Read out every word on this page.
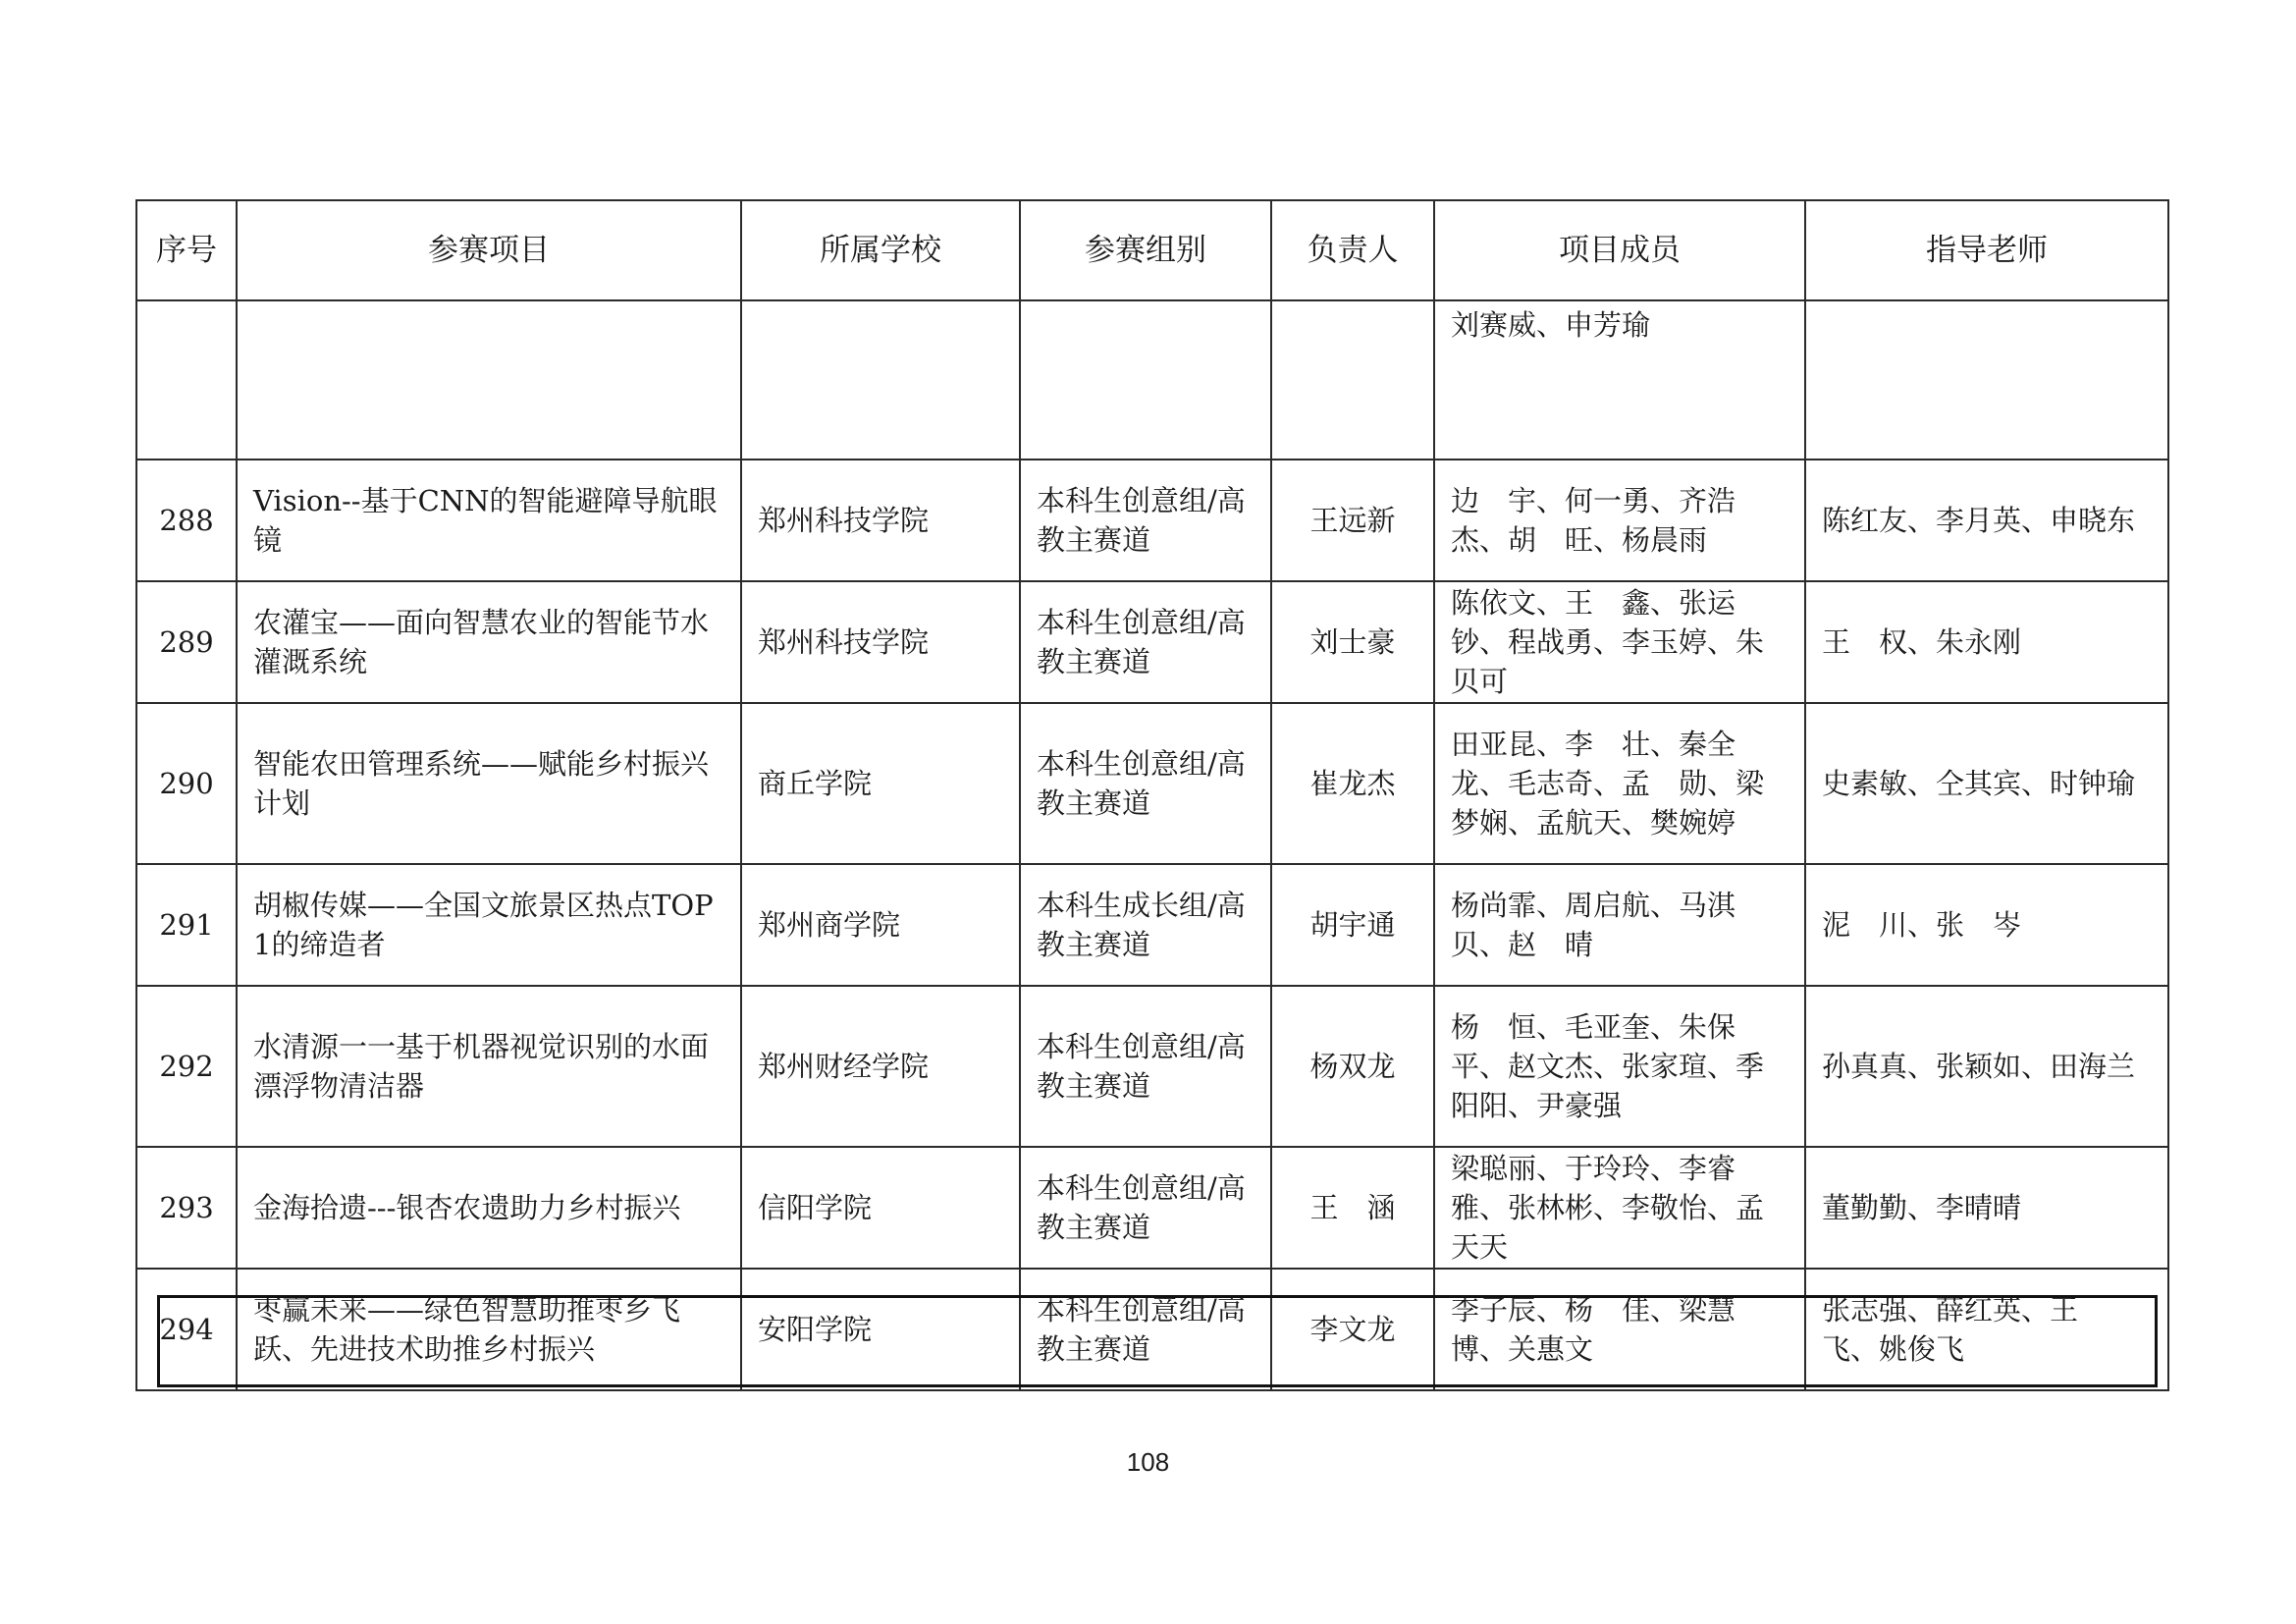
序号	参赛项目	所属学校	参赛组别	负责人	项目成员	指导老师
					刘赛威、申芳瑜	
288	Vision--基于CNN的智能避障导航眼镜	郑州科技学院	本科生创意组/高教主赛道	王远新	边　宇、何一勇、齐浩杰、胡　旺、杨晨雨	陈红友、李月英、申晓东
289	农灌宝——面向智慧农业的智能节水灌溉系统	郑州科技学院	本科生创意组/高教主赛道	刘士豪	陈依文、王　鑫、张运钞、程战勇、李玉婷、朱贝可	王　权、朱永刚
290	智能农田管理系统——赋能乡村振兴计划	商丘学院	本科生创意组/高教主赛道	崔龙杰	田亚昆、李　壮、秦全龙、毛志奇、孟　勋、梁梦娴、孟航天、樊婉婷	史素敏、仝其宾、时钟瑜
291	胡椒传媒——全国文旅景区热点TOP1的缔造者	郑州商学院	本科生成长组/高教主赛道	胡宇通	杨尚霏、周启航、马淇贝、赵　晴	泥　川、张　岑
292	水清源一一基于机器视觉识别的水面漂浮物清洁器	郑州财经学院	本科生创意组/高教主赛道	杨双龙	杨　恒、毛亚奎、朱保平、赵文杰、张家瑄、季阳阳、尹豪强	孙真真、张颖如、田海兰
293	金海拾遗---银杏农遗助力乡村振兴	信阳学院	本科生创意组/高教主赛道	王　涵	梁聪丽、于玲玲、李睿雅、张林彬、李敬怡、孟天天	董勤勤、李晴晴
294	枣赢未来——绿色智慧助推枣乡飞跃、先进技术助推乡村振兴	安阳学院	本科生创意组/高教主赛道	李文龙	李子辰、杨　佳、梁慧博、关惠文	张志强、薛红英、王　飞、姚俊飞
108
